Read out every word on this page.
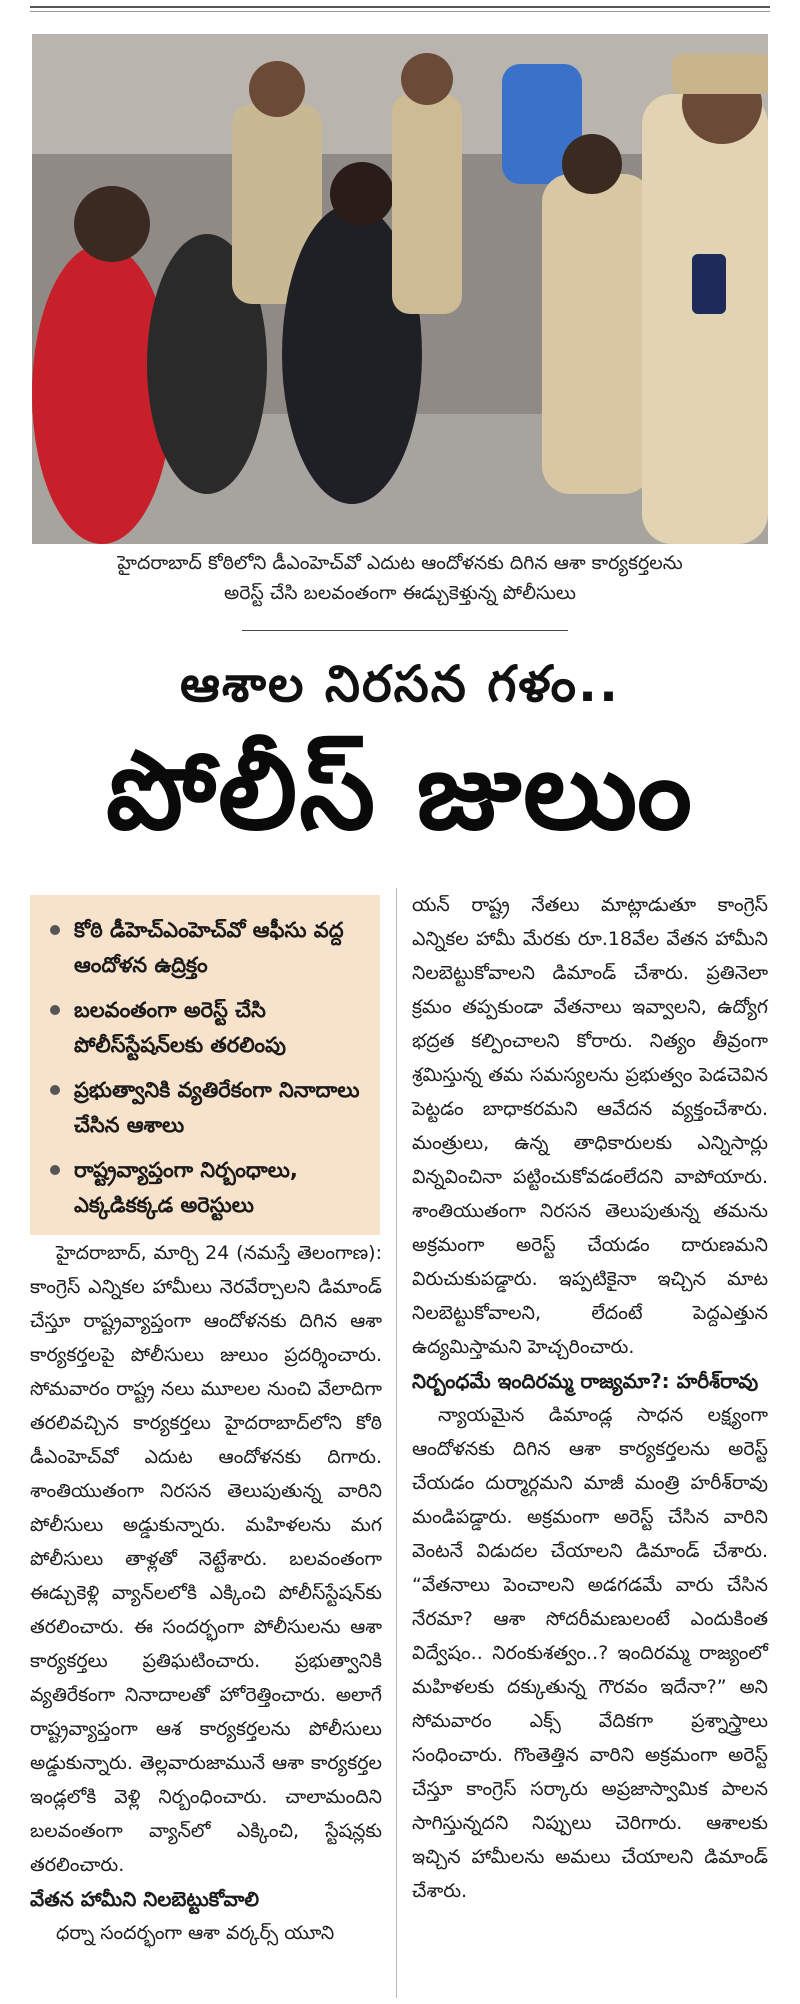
హైదరాబాద్ కోఠిలోని డీఎంహెచ్‌వో ఎదుట ఆందోళనకు దిగిన ఆశా కార్యకర్తలను
అరెస్ట్ చేసి బలవంతంగా ఈడ్చుకెళ్తున్న పోలీసులు
ఆశాల నిరసన గళం..
పోలీస్ జులుం
కోఠి డీహెచ్‌ఎంహెచ్‌వో ఆఫీసు వద్ద ఆందోళన ఉద్రిక్తం
బలవంతంగా అరెస్ట్ చేసి పోలీస్‌స్టేషన్‌లకు తరలింపు
ప్రభుత్వానికి వ్యతిరేకంగా నినాదాలు చేసిన ఆశాలు
రాష్ట్రవ్యాప్తంగా నిర్బంధాలు, ఎక్కడికక్కడ అరెస్టులు

హైదరాబాద్, మార్చి 24 (నమస్తే తెలంగాణ): కాంగ్రెస్ ఎన్నికల హామీలు నెరవేర్చాలని డిమాండ్ చేస్తూ రాష్ట్రవ్యాప్తంగా ఆందోళనకు దిగిన ఆశా కార్యకర్తలపై పోలీసులు జులుం ప్రదర్శించారు. సోమవారం రాష్ట్ర నలు మూలల నుంచి వేలాదిగా తరలివచ్చిన కార్యకర్తలు హైదరాబాద్‌లోని కోఠి డీఎంహెచ్‌వో ఎదుట ఆందోళనకు దిగారు. శాంతియుతంగా నిరసన తెలుపుతున్న వారిని పోలీసులు అడ్డుకున్నారు. మహిళలను మగ పోలీసులు తాళ్లతో నెట్టేశారు. బలవంతంగా ఈడ్చుకెళ్లి వ్యాన్‌లలోకి ఎక్కించి పోలీస్‌స్టేషన్‌కు తరలించారు. ఈ సందర్భంగా పోలీసులను ఆశా కార్యకర్తలు ప్రతిఘటించారు. ప్రభుత్వానికి వ్యతిరేకంగా నినాదాలతో హోరెత్తించారు. అలాగే రాష్ట్రవ్యాప్తంగా ఆశ కార్యకర్తలను పోలీసులు అడ్డుకున్నారు. తెల్లవారుజామునే ఆశా కార్యకర్తల ఇండ్లలోకి వెళ్లి నిర్బంధించారు. చాలామందిని బలవంతంగా వ్యాన్‌లో ఎక్కించి, స్టేషన్లకు తరలించారు.

వేతన హామీని నిలబెట్టుకోవాలి

ధర్నా సందర్భంగా ఆశా వర్కర్స్ యూని

యన్ రాష్ట్ర నేతలు మాట్లాడుతూ కాంగ్రెస్ ఎన్నికల హామీ మేరకు రూ.18వేల వేతన హామీని నిలబెట్టుకోవాలని డిమాండ్ చేశారు. ప్రతినెలా క్రమం తప్పకుండా వేతనాలు ఇవ్వాలని, ఉద్యోగ భద్రత కల్పించాలని కోరారు. నిత్యం తీవ్రంగా శ్రమిస్తున్న తమ సమస్యలను ప్రభుత్వం పెడచెవిన పెట్టడం బాధాకరమని ఆవేదన వ్యక్తంచేశారు. మంత్రులు, ఉన్న తాధికారులకు ఎన్నిసార్లు విన్నవించినా పట్టించుకోవడంలేదని వాపోయారు. శాంతియుతంగా నిరసన తెలుపుతున్న తమను అక్రమంగా అరెస్ట్ చేయడం దారుణమని విరుచుకుపడ్డారు. ఇప్పటికైనా ఇచ్చిన మాట నిలబెట్టుకోవాలని, లేదంటే పెద్దఎత్తున ఉద్యమిస్తామని హెచ్చరించారు.

నిర్బంధమే ఇందిరమ్మ రాజ్యమా?: హరీశ్‌రావు

న్యాయమైన డిమాండ్ల సాధన లక్ష్యంగా ఆందోళనకు దిగిన ఆశా కార్యకర్తలను అరెస్ట్ చేయడం దుర్మార్గమని మాజీ మంత్రి హరీశ్‌రావు మండిపడ్డారు. అక్రమంగా అరెస్ట్ చేసిన వారిని వెంటనే విడుదల చేయాలని డిమాండ్ చేశారు. “వేతనాలు పెంచాలని అడగడమే వారు చేసిన నేరమా? ఆశా సోదరీమణులంటే ఎందుకింత విద్వేషం.. నిరంకుశత్వం..? ఇందిరమ్మ రాజ్యంలో మహిళలకు దక్కుతున్న గౌరవం ఇదేనా?” అని సోమవారం ఎక్స్ వేదికగా ప్రశ్నాస్త్రాలు సంధించారు. గొంతెత్తిన వారిని అక్రమంగా అరెస్ట్ చేస్తూ కాంగ్రెస్ సర్కారు అప్రజాస్వామిక పాలన సాగిస్తున్నదని నిప్పులు చెరిగారు. ఆశాలకు ఇచ్చిన హామీలను అమలు చేయాలని డిమాండ్ చేశారు.
